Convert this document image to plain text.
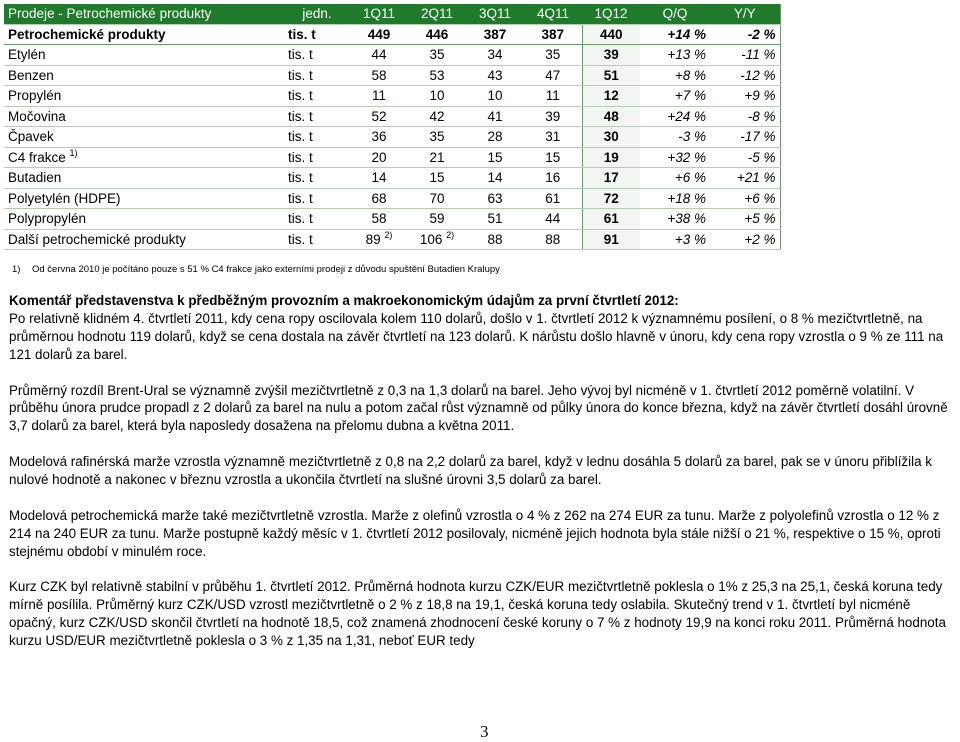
Prodeje - Petrochemické produkty	jedn.	1Q11	2Q11	3Q11	4Q11	1Q12	Q/Q	Y/Y
Petrochemické produkty	tis. t	449	446	387	387	440	+14 %	-2 %
Etylén	tis. t	44	35	34	35	39	+13 %	-11 %
Benzen	tis. t	58	53	43	47	51	+8 %	-12 %
Propylén	tis. t	11	10	10	11	12	+7 %	+9 %
Močovina	tis. t	52	42	41	39	48	+24 %	-8 %
Čpavek	tis. t	36	35	28	31	30	-3 %	-17 %
C4 frakce $^{1)}$	tis. t	20	21	15	15	19	+32 %	-5 %
Butadien	tis. t	14	15	14	16	17	+6 %	+21 %
Polyetylén (HDPE)	tis. t	68	70	63	61	72	+18 %	+6 %
Polypropylén	tis. t	58	59	51	44	61	+38 %	+5 %
Další petrochemické produkty	tis. t	89 $^{2)}$	106 $^{2)}$	88	88	91	+3 %	+2 %
1) Od června 2010 je počítáno pouze s 51 % C4 frakce jako externími prodeji z důvodu spuštění Butadien Kralupy
Komentář představenstva k předběžným provozním a makroekonomickým údajům za první čtvrtletí 2012:

Po relativně klidném 4. čtvrtletí 2011, kdy cena ropy oscilovala kolem 110 dolarů, došlo v 1. čtvrtletí 2012 k významnému posílení, o 8 % mezičtvrtletně, na průměrnou hodnotu 119 dolarů, když se cena dostala na závěr čtvrtletí na 123 dolarů. K nárůstu došlo hlavně v únoru, kdy cena ropy vzrostla o 9 % ze 111 na 121 dolarů za barel.

Průměrný rozdíl Brent-Ural se významně zvýšil mezičtvrtletně z 0,3 na 1,3 dolarů na barel. Jeho vývoj byl nicméně v 1. čtvrtletí 2012 poměrně volatilní. V průběhu února prudce propadl z 2 dolarů za barel na nulu a potom začal růst významně od půlky února do konce března, když na závěr čtvrtletí dosáhl úrovně 3,7 dolarů za barel, která byla naposledy dosažena na přelomu dubna a května 2011.

Modelová rafinérská marže vzrostla významně mezičtvrtletně z 0,8 na 2,2 dolarů za barel, když v lednu dosáhla 5 dolarů za barel, pak se v únoru přiblížila k nulové hodnotě a nakonec v březnu vzrostla a ukončila čtvrtletí na slušné úrovni 3,5 dolarů za barel.

Modelová petrochemická marže také mezičtvrtletně vzrostla. Marže z olefinů vzrostla o 4 % z 262 na 274 EUR za tunu. Marže z polyolefinů vzrostla o 12 % z 214 na 240 EUR za tunu. Marže postupně každý měsíc v 1. čtvrtletí 2012 posilovaly, nicméně jejich hodnota byla stále nižší o 21 %, respektive o 15 %, oproti stejnému období v minulém roce.

Kurz CZK byl relativně stabilní v průběhu 1. čtvrtletí 2012. Průměrná hodnota kurzu CZK/EUR mezičtvrtletně poklesla o 1% z 25,3 na 25,1, česká koruna tedy mírně posílila. Průměrný kurz CZK/USD vzrostl mezičtvrtletně o 2 % z 18,8 na 19,1, česká koruna tedy oslabila. Skutečný trend v 1. čtvrtletí byl nicméně opačný, kurz CZK/USD skončil čtvrtletí na hodnotě 18,5, což znamená zhodnocení české koruny o 7 % z hodnoty 19,9 na konci roku 2011. Průměrná hodnota kurzu USD/EUR mezičtvrtletně poklesla o 3 % z 1,35 na 1,31, neboť EUR tedy

3
